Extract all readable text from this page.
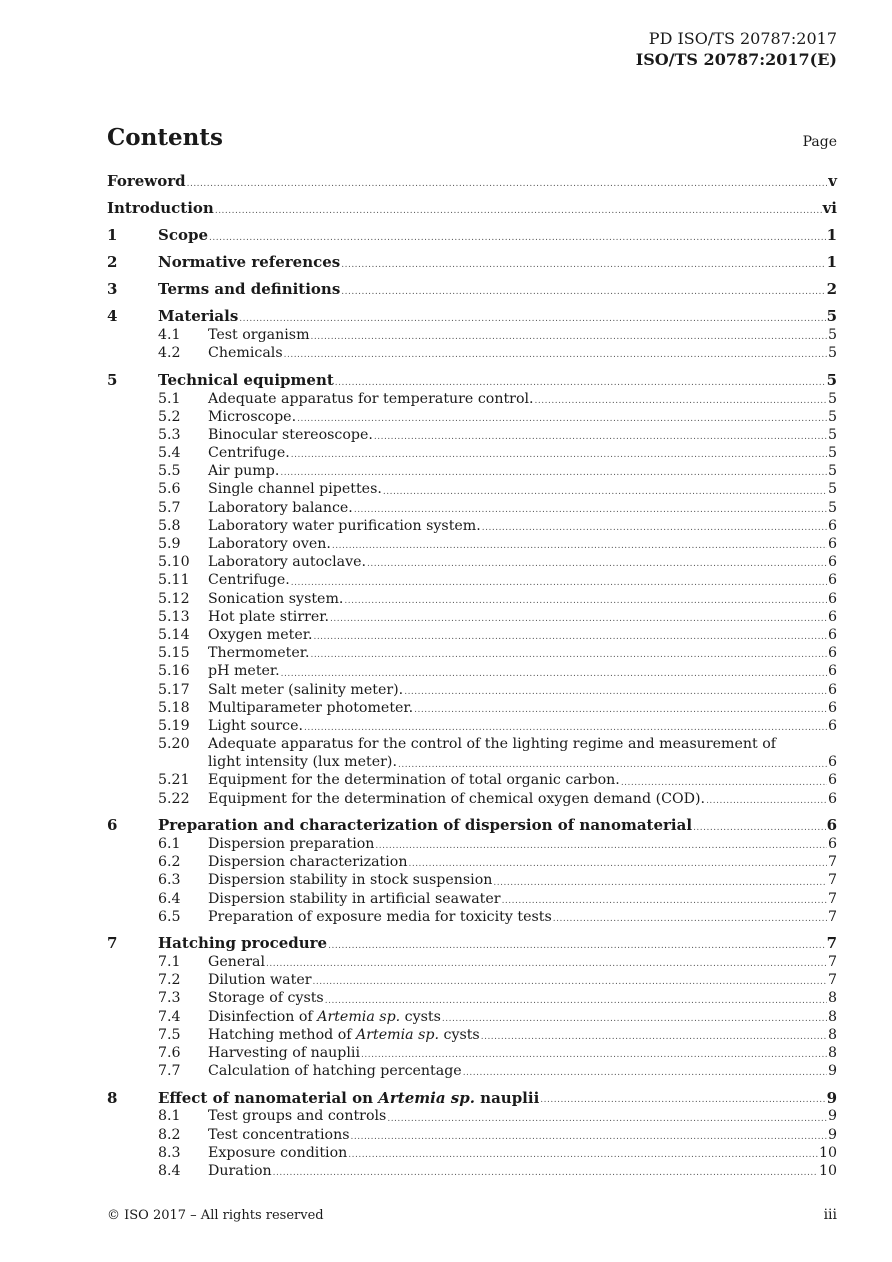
PD ISO/TS 20787:2017
ISO/TS 20787:2017(E)
Contents	Page
Foreword .....	v
Introduction .....	vi
1	Scope .....	1
2	Normative references .....	1
3	Terms and definitions .....	2
4	Materials .....	5
4.1 Test organism .....	5
4.2 Chemicals .....	5
5	Technical equipment .....	5
5.1 Adequate apparatus for temperature control. .....	5
5.2 Microscope. .....	5
5.3 Binocular stereoscope. .....	5
5.4 Centrifuge. .....	5
5.5 Air pump. .....	5
5.6 Single channel pipettes. .....	5
5.7 Laboratory balance. .....	5
5.8 Laboratory water purification system. .....	6
5.9 Laboratory oven. .....	6
5.10 Laboratory autoclave. .....	6
5.11 Centrifuge. .....	6
5.12 Sonication system. .....	6
5.13 Hot plate stirrer. .....	6
5.14 Oxygen meter. .....	6
5.15 Thermometer. .....	6
5.16 pH meter. .....	6
5.17 Salt meter (salinity meter). .....	6
5.18 Multiparameter photometer. .....	6
5.19 Light source. .....	6
5.20 Adequate apparatus for the control of the lighting regime and measurement of
light intensity (lux meter). .....	6
5.21 Equipment for the determination of total organic carbon. .....	6
5.22 Equipment for the determination of chemical oxygen demand (COD). .....	6
6	Preparation and characterization of dispersion of nanomaterial .....	6
6.1 Dispersion preparation .....	6
6.2 Dispersion characterization .....	7
6.3 Dispersion stability in stock suspension .....	7
6.4 Dispersion stability in artificial seawater .....	7
6.5 Preparation of exposure media for toxicity tests .....	7
7	Hatching procedure .....	7
7.1 General .....	7
7.2 Dilution water .....	7
7.3 Storage of cysts .....	8
7.4 Disinfection of Artemia sp. cysts .....	8
7.5 Hatching method of Artemia sp. cysts .....	8
7.6 Harvesting of nauplii .....	8
7.7 Calculation of hatching percentage .....	9
8	Effect of nanomaterial on Artemia sp. nauplii .....	9
8.1 Test groups and controls .....	9
8.2 Test concentrations .....	9
8.3 Exposure condition .....	10
8.4 Duration .....	10
© ISO 2017 – All rights reserved	iii
